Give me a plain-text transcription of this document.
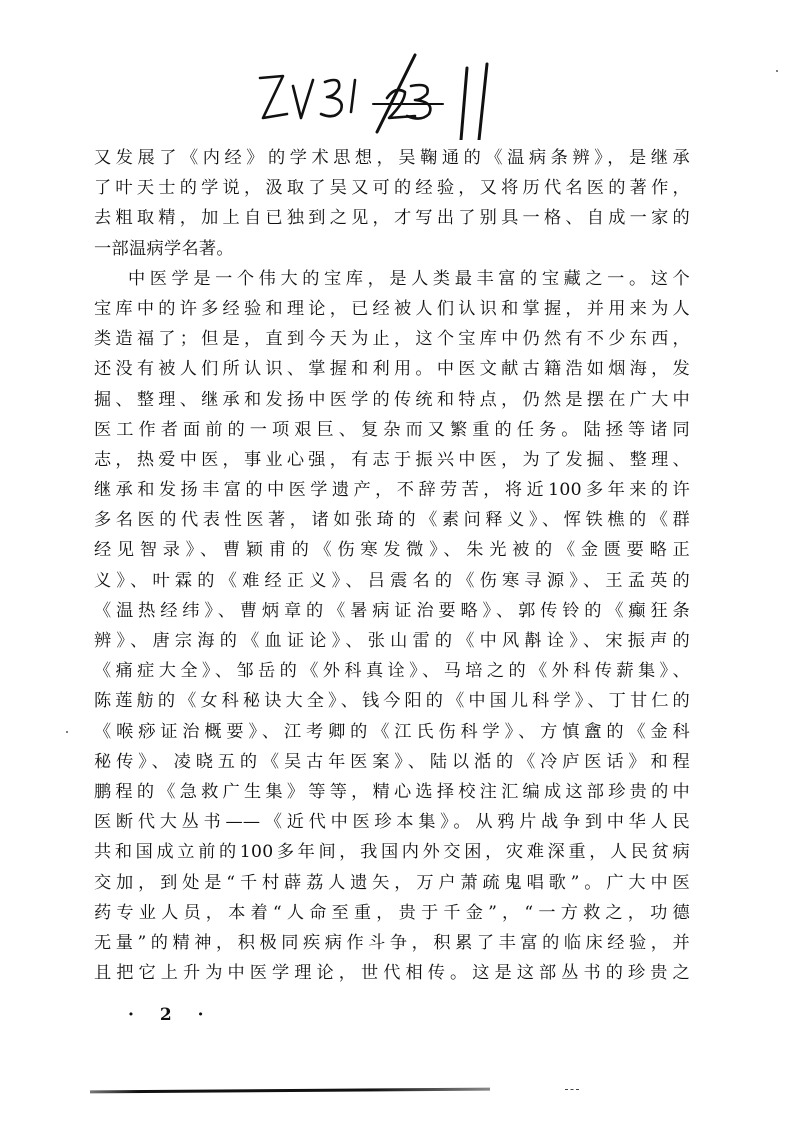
又发展了《内经》的学术思想，吴鞠通的《温病条辨》，是继承
了叶天士的学说，汲取了吴又可的经验，又将历代名医的著作，
去粗取精，加上自已独到之见，才写出了别具一格、自成一家的
一部温病学名著。
中医学是一个伟大的宝库，是人类最丰富的宝藏之一。这个
宝库中的许多经验和理论，已经被人们认识和掌握，并用来为人
类造福了；但是，直到今天为止，这个宝库中仍然有不少东西，
还没有被人们所认识、掌握和利用。中医文献古籍浩如烟海，发
掘、整理、继承和发扬中医学的传统和特点，仍然是摆在广大中
医工作者面前的一项艰巨、复杂而又繁重的任务。陆拯等诸同
志，热爱中医，事业心强，有志于振兴中医，为了发掘、整理、
继承和发扬丰富的中医学遗产，不辞劳苦，将近100多年来的许
多名医的代表性医著，诸如张琦的《素问释义》、恽铁樵的《群
经见智录》、曹颖甫的《伤寒发微》、朱光被的《金匮要略正
义》、叶霖的《难经正义》、吕震名的《伤寒寻源》、王孟英的
《温热经纬》、曹炳章的《暑病证治要略》、郭传铃的《癫狂条
辨》、唐宗海的《血证论》、张山雷的《中风斠诠》、宋振声的
《痛症大全》、邹岳的《外科真诠》、马培之的《外科传薪集》、
陈莲舫的《女科秘诀大全》、钱今阳的《中国儿科学》、丁甘仁的
《喉痧证治概要》、江考卿的《江氏伤科学》、方慎盦的《金科
秘传》、凌晓五的《吴古年医案》、陆以湉的《冷庐医话》和程
鹏程的《急救广生集》等等，精心选择校注汇编成这部珍贵的中
医断代大丛书——《近代中医珍本集》。从鸦片战争到中华人民
共和国成立前的100多年间，我国内外交困，灾难深重，人民贫病
交加，到处是“千村薜荔人遗矢，万户萧疏鬼唱歌”。广大中医
药专业人员，本着“人命至重，贵于千金”，“一方救之，功德
无量”的精神，积极同疾病作斗争，积累了丰富的临床经验，并
且把它上升为中医学理论，世代相传。这是这部丛书的珍贵之
· 2 ·
